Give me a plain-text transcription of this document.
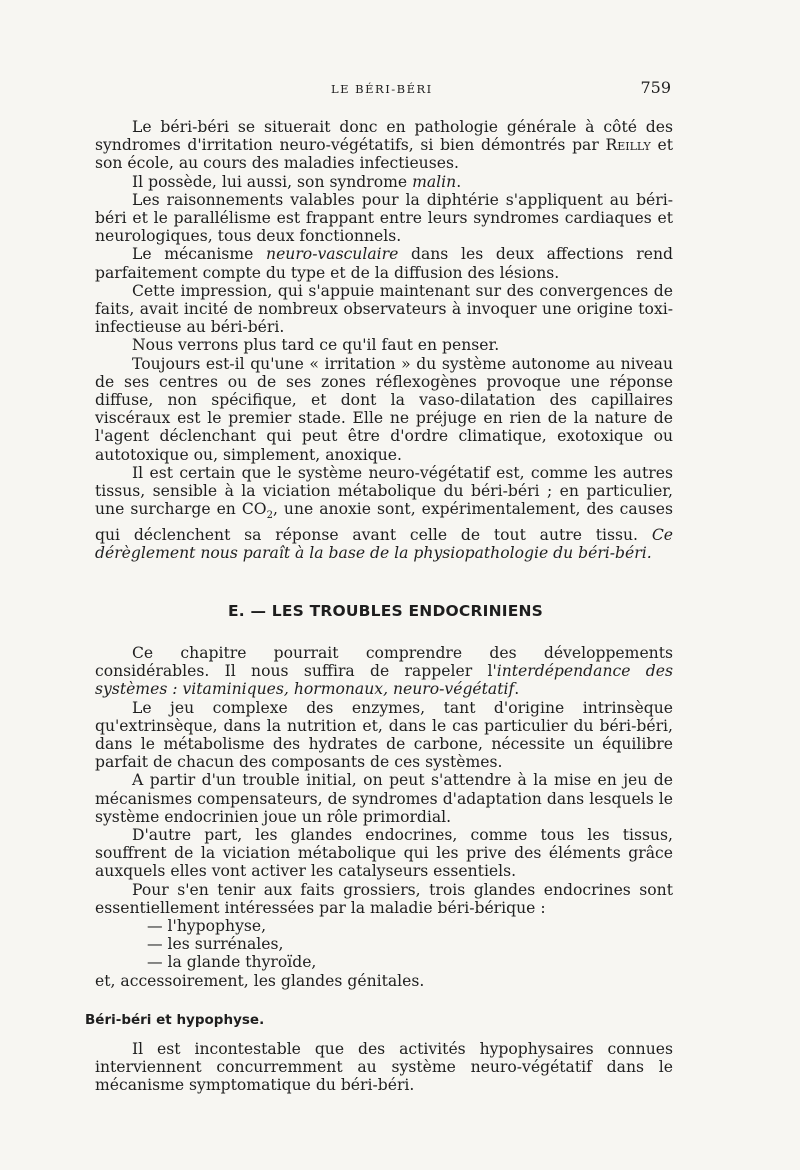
LE BÉRI-BÉRI	759

Le béri-béri se situerait donc en pathologie générale à côté des syndromes d'irritation neuro-végétatifs, si bien démontrés par Reilly et son école, au cours des maladies infectieuses.

Il possède, lui aussi, son syndrome malin.

Les raisonnements valables pour la diphtérie s'appliquent au béri-béri et le parallélisme est frappant entre leurs syndromes cardiaques et neurologiques, tous deux fonctionnels.

Le mécanisme neuro-vasculaire dans les deux affections rend parfaitement compte du type et de la diffusion des lésions.

Cette impression, qui s'appuie maintenant sur des convergences de faits, avait incité de nombreux observateurs à invoquer une origine toxi-infectieuse au béri-béri.

Nous verrons plus tard ce qu'il faut en penser.

Toujours est-il qu'une « irritation » du système autonome au niveau de ses centres ou de ses zones réflexogènes provoque une réponse diffuse, non spécifique, et dont la vaso-dilatation des capillaires viscéraux est le premier stade. Elle ne préjuge en rien de la nature de l'agent déclenchant qui peut être d'ordre climatique, exotoxique ou autotoxique ou, simplement, anoxique.

Il est certain que le système neuro-végétatif est, comme les autres tissus, sensible à la viciation métabolique du béri-béri ; en particulier, une surcharge en $CO_2$, une anoxie sont, expérimentalement, des causes qui déclenchent sa réponse avant celle de tout autre tissu. Ce dérèglement nous paraît à la base de la physiopathologie du béri-béri.

E. — LES TROUBLES ENDOCRINIENS

Ce chapitre pourrait comprendre des développements considérables. Il nous suffira de rappeler l'interdépendance des systèmes : vitaminiques, hormonaux, neuro-végétatif.

Le jeu complexe des enzymes, tant d'origine intrinsèque qu'extrinsèque, dans la nutrition et, dans le cas particulier du béri-béri, dans le métabolisme des hydrates de carbone, nécessite un équilibre parfait de chacun des composants de ces systèmes.

A partir d'un trouble initial, on peut s'attendre à la mise en jeu de mécanismes compensateurs, de syndromes d'adaptation dans lesquels le système endocrinien joue un rôle primordial.

D'autre part, les glandes endocrines, comme tous les tissus, souffrent de la viciation métabolique qui les prive des éléments grâce auxquels elles vont activer les catalyseurs essentiels.

Pour s'en tenir aux faits grossiers, trois glandes endocrines sont essentiellement intéressées par la maladie béri-bérique :

— l'hypophyse,
— les surrénales,
— la glande thyroïde,
et, accessoirement, les glandes génitales.
Béri-béri et hypophyse.

Il est incontestable que des activités hypophysaires connues interviennent concurremment au système neuro-végétatif dans le mécanisme symptomatique du béri-béri.
